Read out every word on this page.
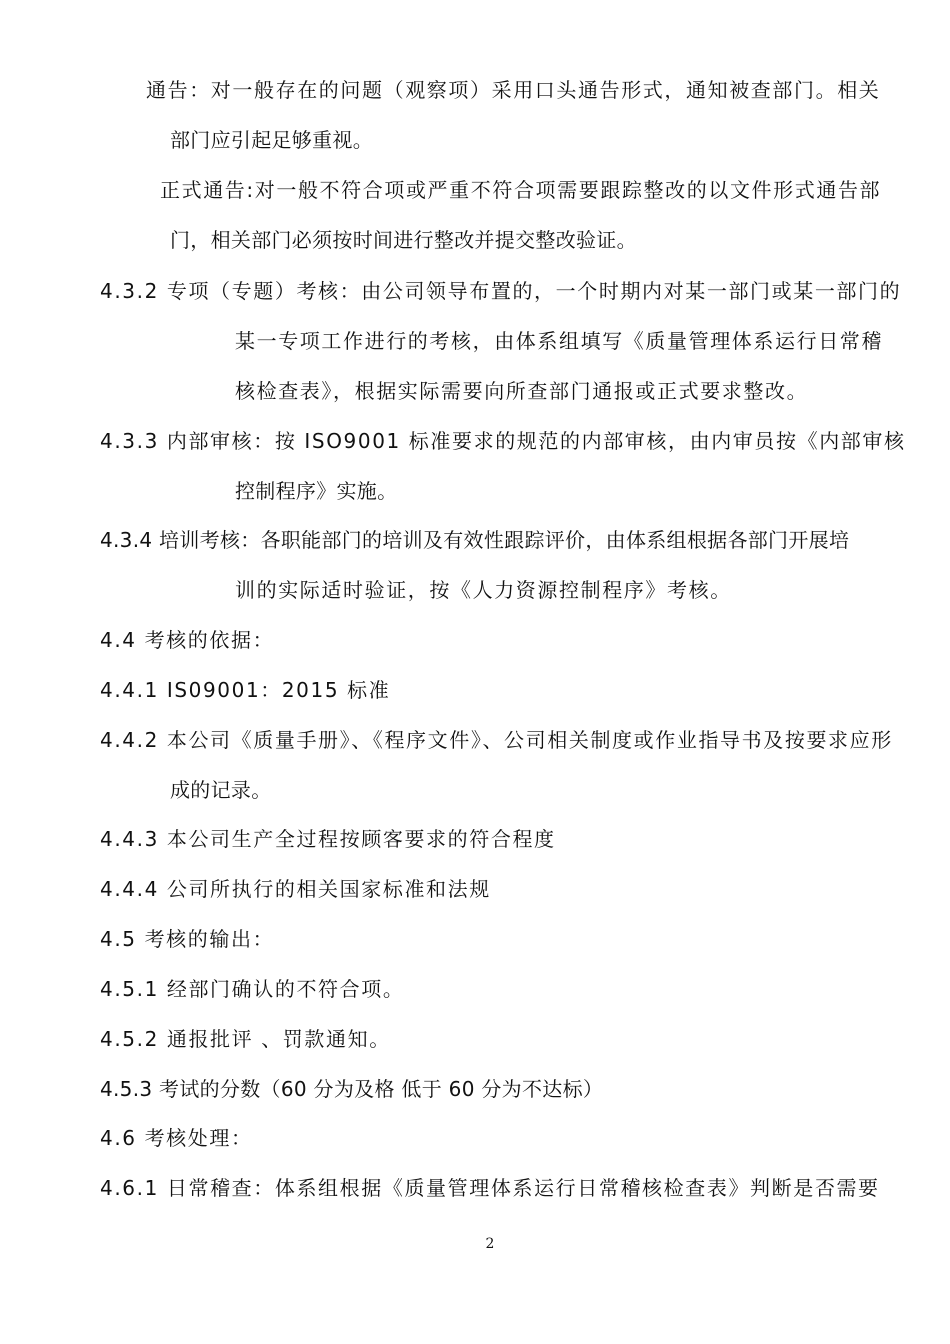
通告：对一般存在的问题（观察项）采用口头通告形式，通知被查部门。相关
部门应引起足够重视。
正式通告:对一般不符合项或严重不符合项需要跟踪整改的以文件形式通告部
门，相关部门必须按时间进行整改并提交整改验证。
4.3.2 专项（专题）考核：由公司领导布置的，一个时期内对某一部门或某一部门的
某一专项工作进行的考核，由体系组填写《质量管理体系运行日常稽
核检查表》，根据实际需要向所查部门通报或正式要求整改。
4.3.3 内部审核：按 ISO9001 标准要求的规范的内部审核，由内审员按《内部审核
控制程序》实施。
4.3.4 培训考核：各职能部门的培训及有效性跟踪评价，由体系组根据各部门开展培
训的实际适时验证，按《人力资源控制程序》考核。
4.4 考核的依据：
4.4.1 IS09001：2015 标准
4.4.2 本公司《质量手册》、《程序文件》、公司相关制度或作业指导书及按要求应形
成的记录。
4.4.3 本公司生产全过程按顾客要求的符合程度
4.4.4 公司所执行的相关国家标准和法规
4.5 考核的输出：
4.5.1 经部门确认的不符合项。
4.5.2 通报批评 、罚款通知。
4.5.3 考试的分数（60 分为及格 低于 60 分为不达标）
4.6 考核处理：
4.6.1 日常稽查：体系组根据《质量管理体系运行日常稽核检查表》判断是否需要
2
